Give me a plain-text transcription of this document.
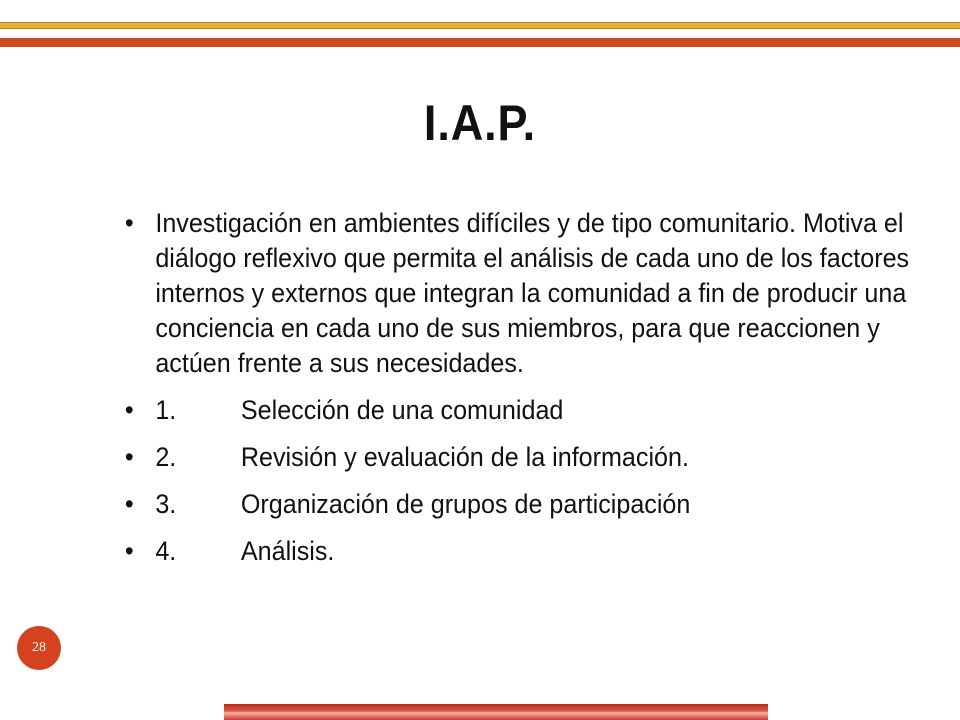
I.A.P.
• Investigación en ambientes difíciles y de tipo comunitario. Motiva el diálogo reflexivo que permita el análisis de cada uno de los factores internos y externos que integran la comunidad a fin de producir una conciencia en cada uno de sus miembros, para que reaccionen y actúen frente a sus necesidades.
• 1. Selección de una comunidad
• 2. Revisión y evaluación de la información.
• 3. Organización de grupos de participación
• 4. Análisis.
28
